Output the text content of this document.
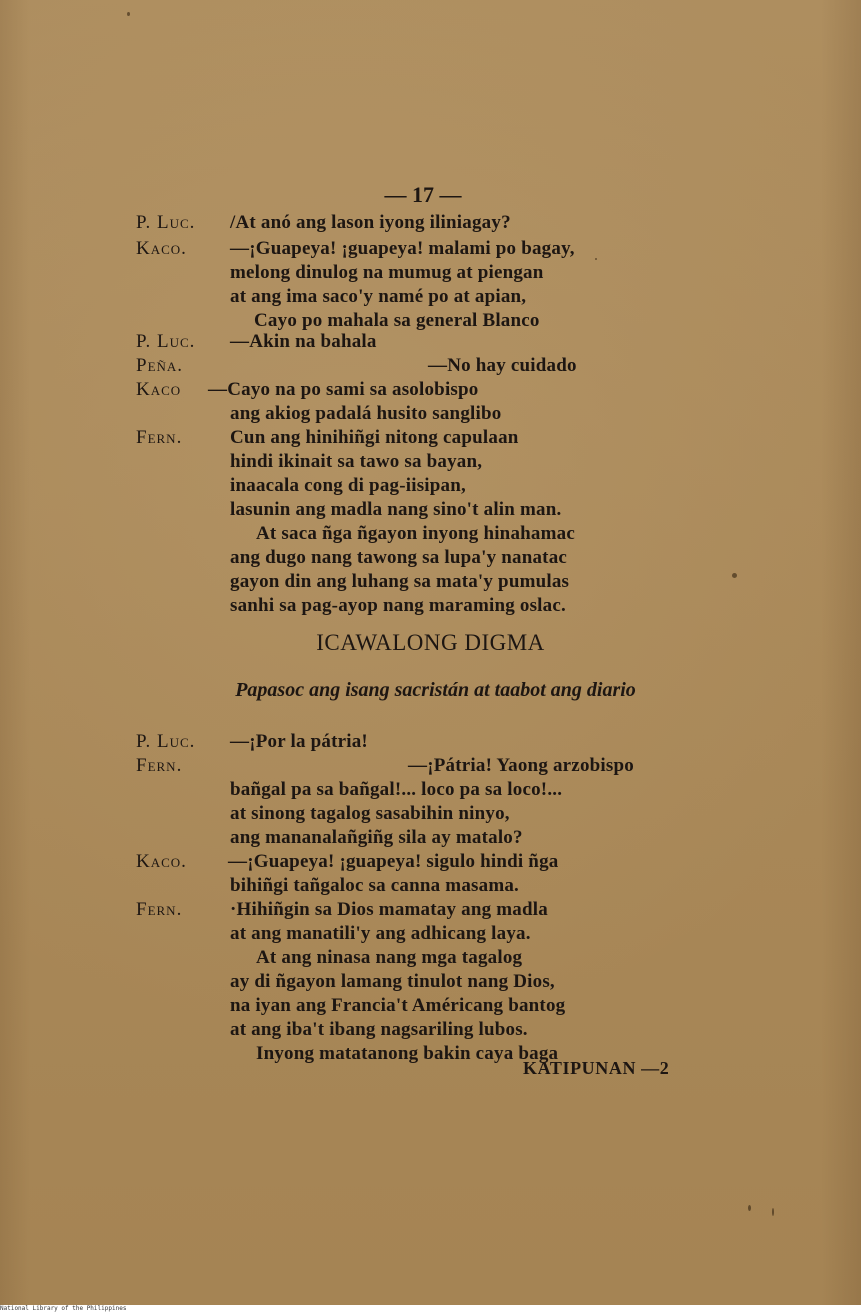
— 17 —
P. Luc. /At anó ang lason iyong iliniagay?
Kaco. —¡Guapeya! ¡guapeya! malami po bagay,
melong dinulog na mumug at piengan
at ang ima saco'y namé po at apian,
Cayo po mahala sa general Blanco
P. Luc. —Akin na bahala
Peña.	—No hay cuidado
Kaco —Cayo na po sami sa asolobispo
ang akiog padalá husito sanglibo
Fern.	Cun ang hinihiñgi nitong capulaan
hindi ikinait sa tawo sa bayan,
inaacala cong di pag-iisipan,
lasunin ang madla nang sino't alin man.
At saca ñga ñgayon inyong hinahamac
ang dugo nang tawong sa lupa'y nanatac
gayon din ang luhang sa mata'y pumulas
sanhi sa pag-ayop nang maraming oslac.
ICAWALONG DIGMA
Papasoc ang isang sacristán at taabot ang diario
P. Luc. —¡Por la pátria!
Fern.	—¡Pátria! Yaong arzobispo
bañgal pa sa bañgal!... loco pa sa loco!...
at sinong tagalog sasabihin ninyo,
ang mananalañgiñg sila ay matalo?
Kaco. —¡Guapeya! ¡guapeya! sigulo hindi ñga
bihiñgi tañgaloc sa canna masama.
Fern.	·Hihiñgin sa Dios mamatay ang madla
at ang manatili'y ang adhicang laya.
At ang ninasa nang mga tagalog
ay di ñgayon lamang tinulot nang Dios,
na iyan ang Francia't Américang bantog
at ang iba't ibang nagsariling lubos.
Inyong matatanong bakin caya baga
KATIPUNAN —2
National Library of the Philippines
